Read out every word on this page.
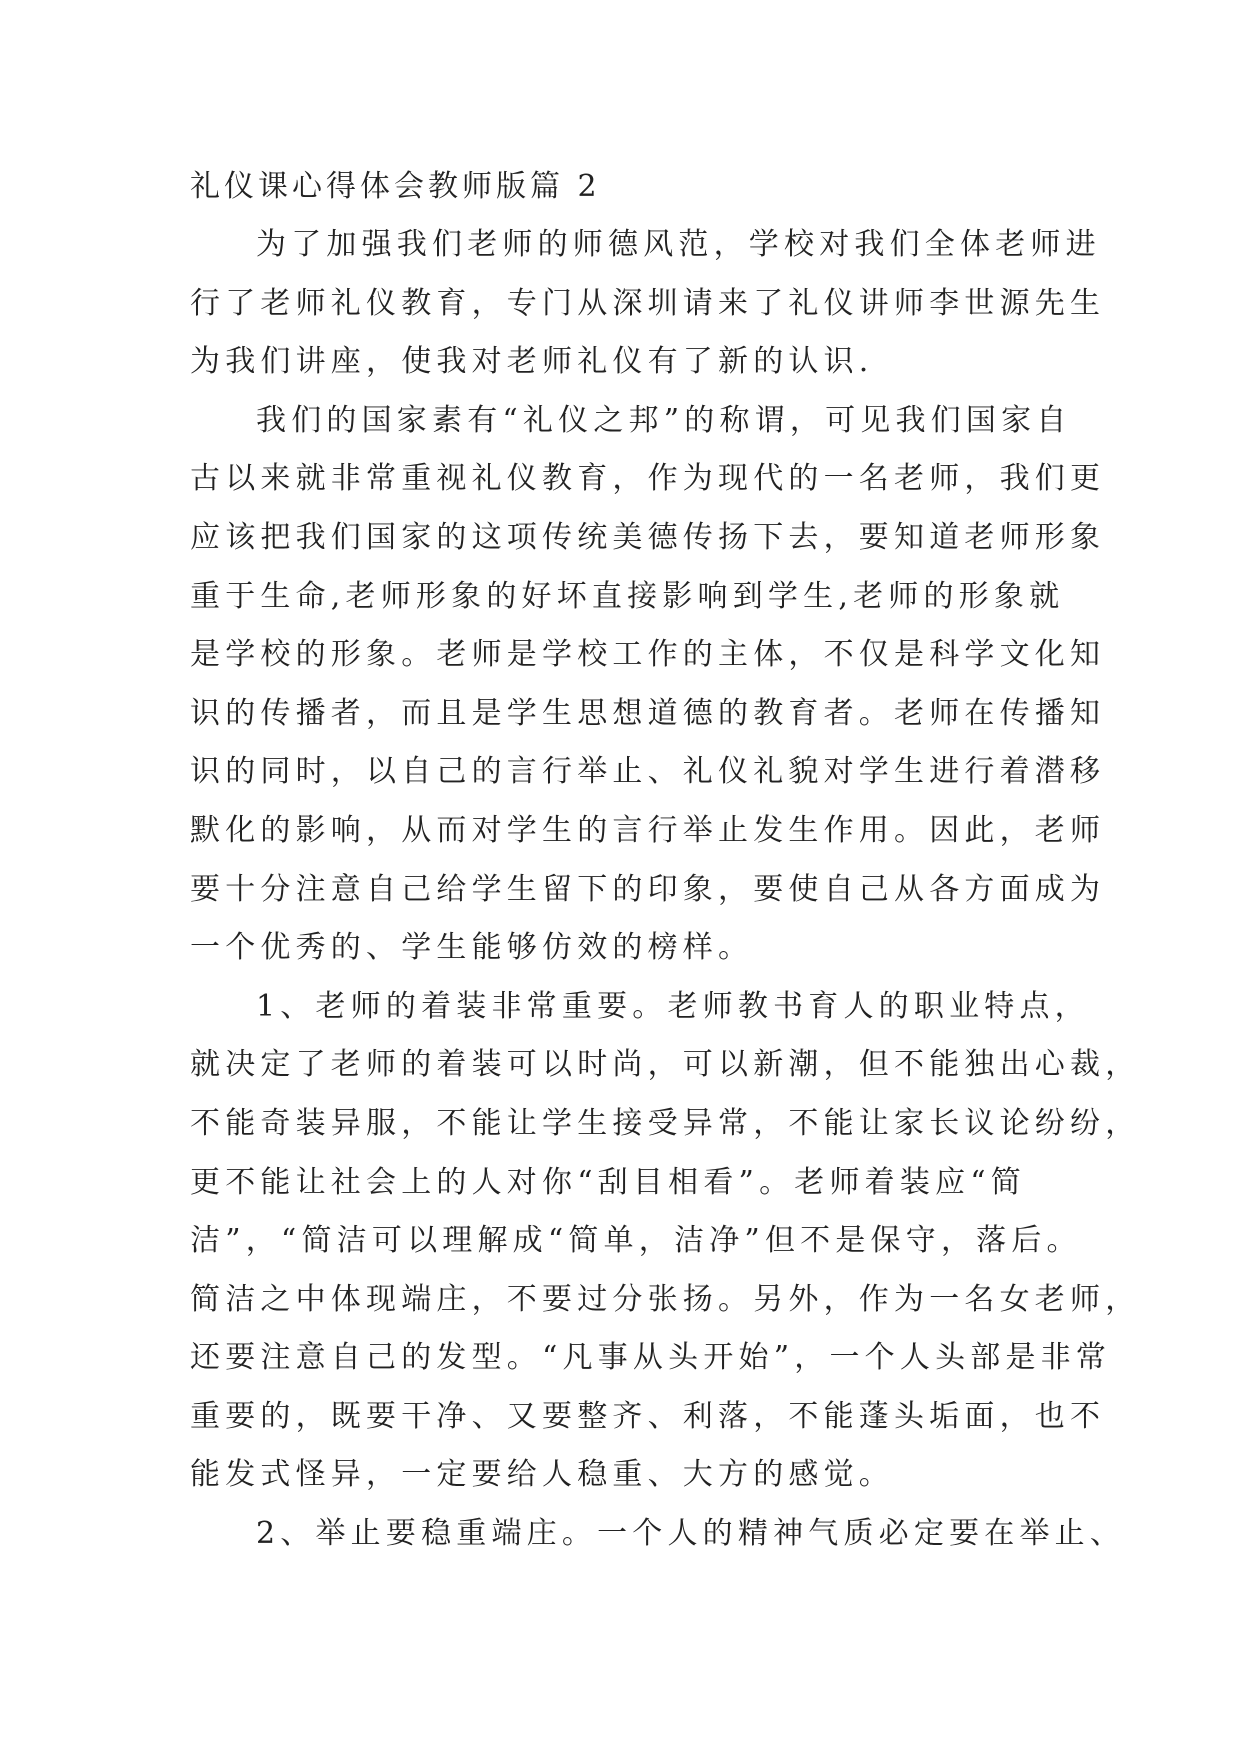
礼仪课心得体会教师版篇 2
为了加强我们老师的师德风范，学校对我们全体老师进
行了老师礼仪教育，专门从深圳请来了礼仪讲师李世源先生
为我们讲座，使我对老师礼仪有了新的认识.
我们的国家素有“礼仪之邦”的称谓，可见我们国家自
古以来就非常重视礼仪教育，作为现代的一名老师，我们更
应该把我们国家的这项传统美德传扬下去，要知道老师形象
重于生命,老师形象的好坏直接影响到学生,老师的形象就
是学校的形象。老师是学校工作的主体，不仅是科学文化知
识的传播者，而且是学生思想道德的教育者。老师在传播知
识的同时，以自己的言行举止、礼仪礼貌对学生进行着潜移
默化的影响，从而对学生的言行举止发生作用。因此，老师
要十分注意自己给学生留下的印象，要使自己从各方面成为
一个优秀的、学生能够仿效的榜样。
1、老师的着装非常重要。老师教书育人的职业特点，
就决定了老师的着装可以时尚，可以新潮，但不能独出心裁，
不能奇装异服，不能让学生接受异常，不能让家长议论纷纷，
更不能让社会上的人对你“刮目相看”。老师着装应“简
洁”，“简洁可以理解成“简单，洁净”但不是保守，落后。
简洁之中体现端庄，不要过分张扬。另外，作为一名女老师，
还要注意自己的发型。“凡事从头开始”，一个人头部是非常
重要的，既要干净、又要整齐、利落，不能蓬头垢面，也不
能发式怪异，一定要给人稳重、大方的感觉。
2、举止要稳重端庄。一个人的精神气质必定要在举止、
